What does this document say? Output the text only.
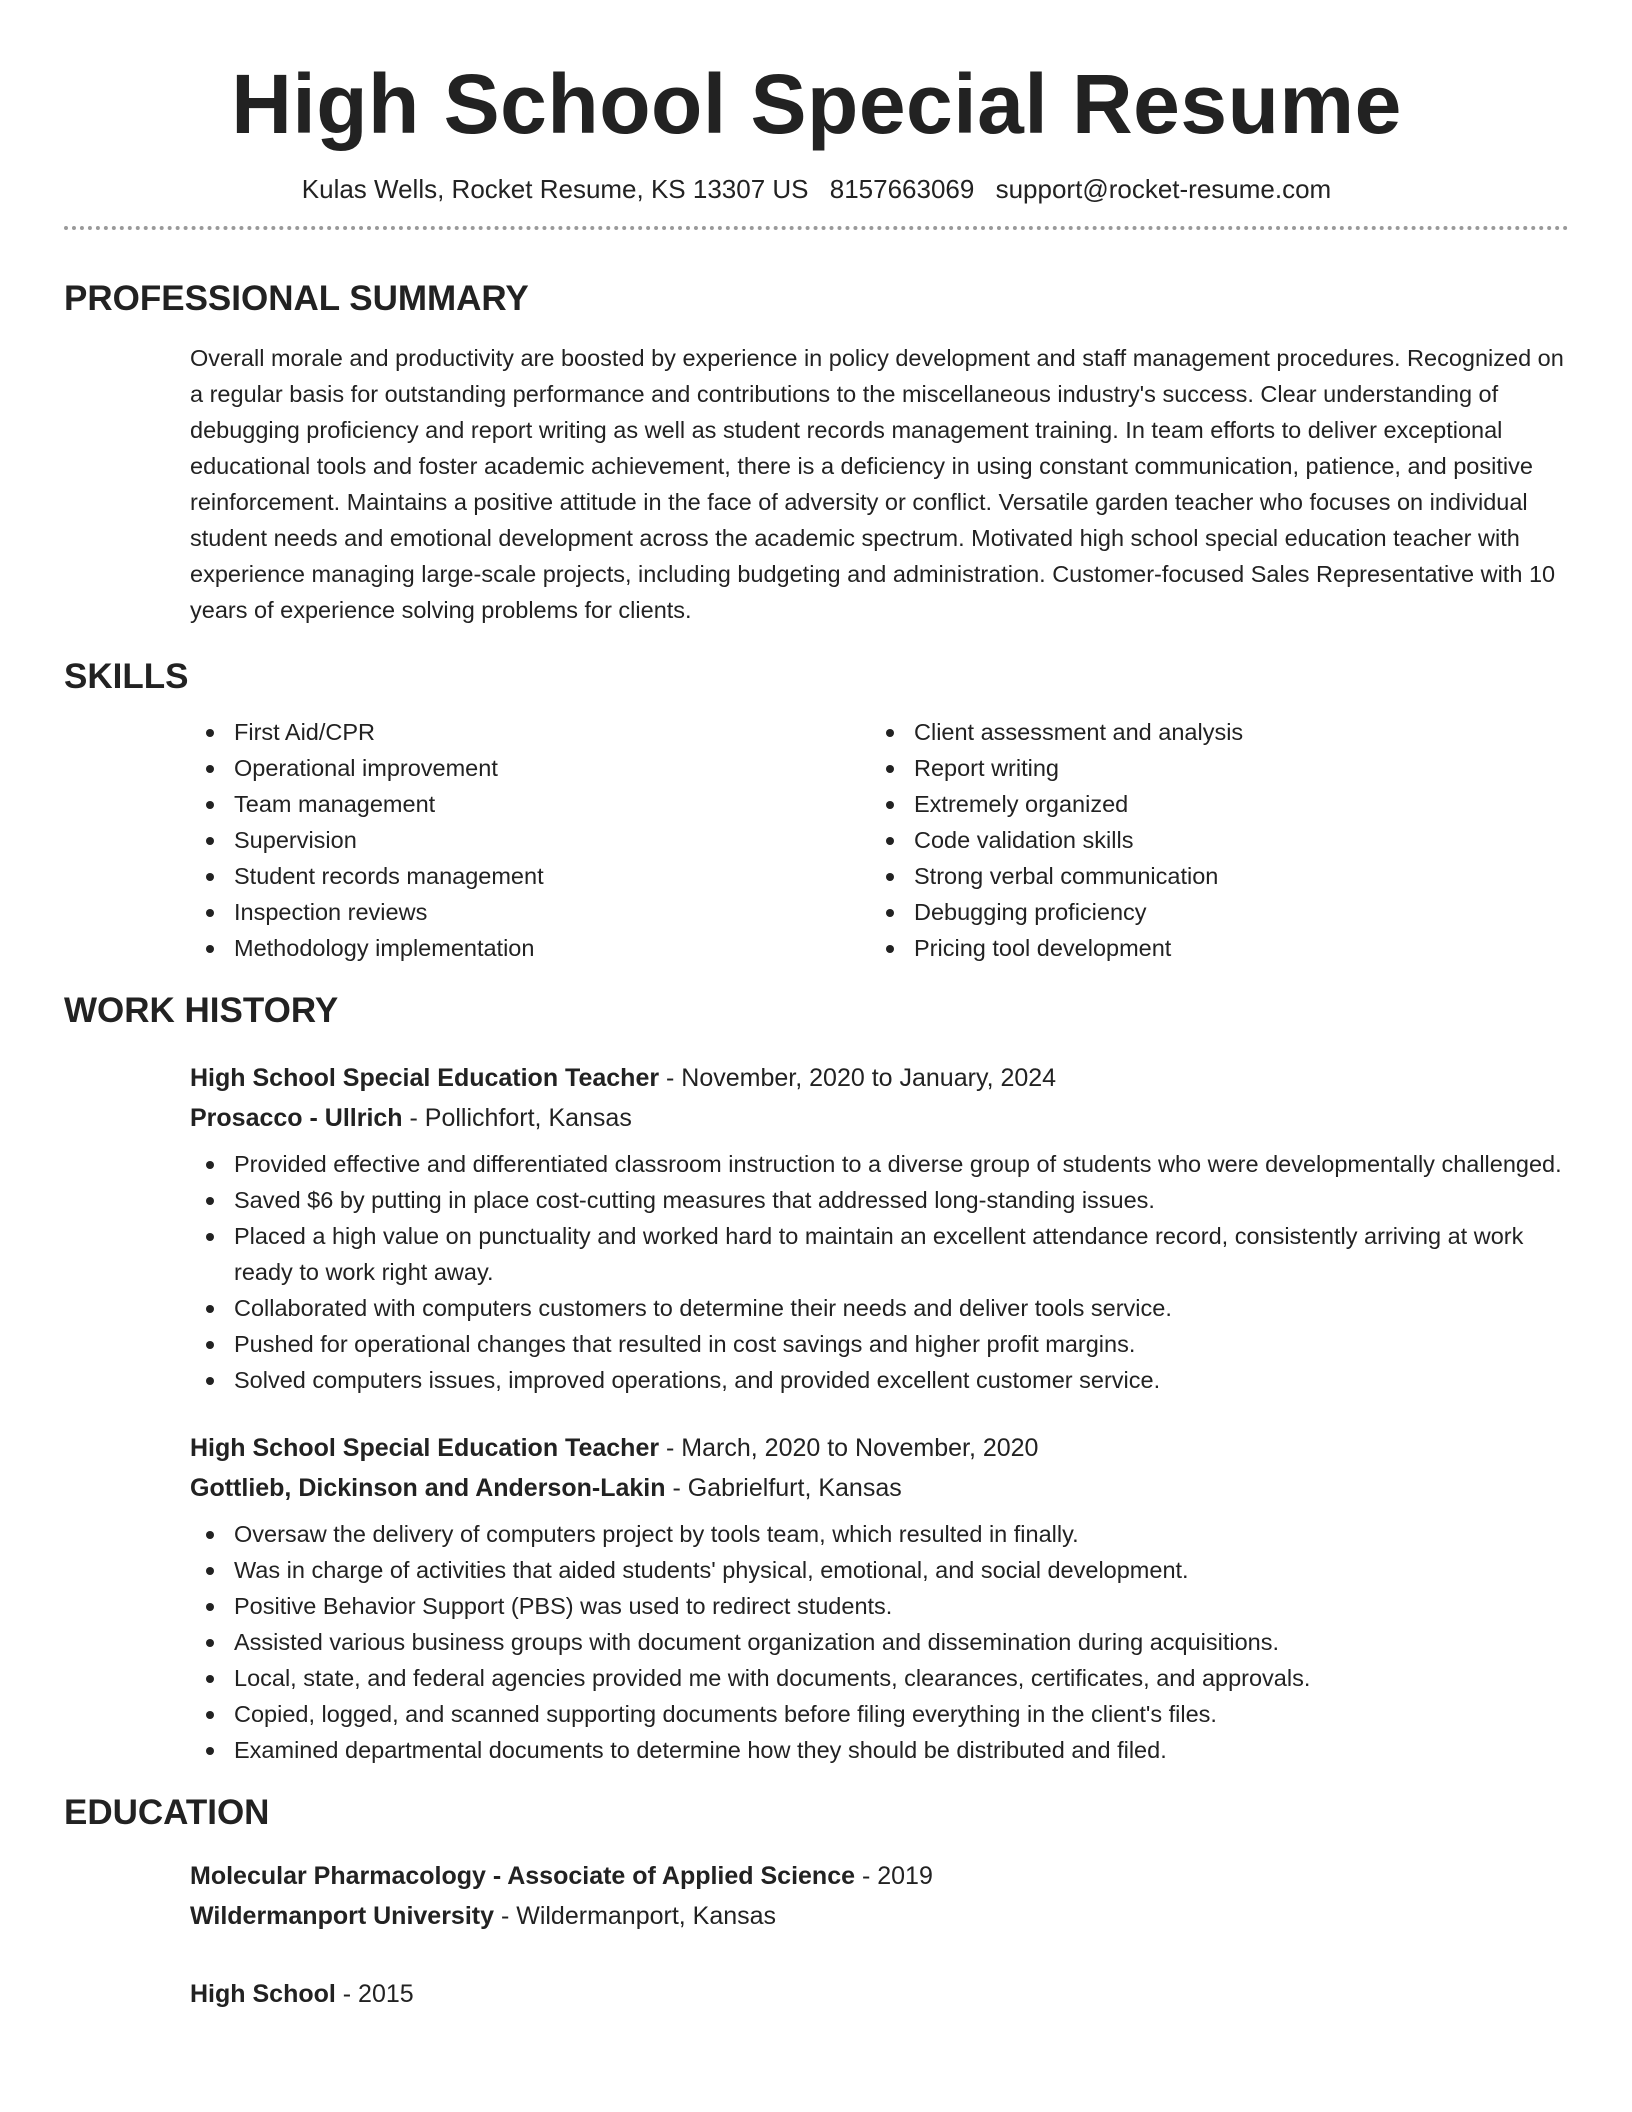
High School Special Resume
Kulas Wells, Rocket Resume, KS 13307 US 8157663069 support@rocket-resume.com
PROFESSIONAL SUMMARY

Overall morale and productivity are boosted by experience in policy development and staff management procedures. Recognized on a regular basis for outstanding performance and contributions to the miscellaneous industry's success. Clear understanding of debugging proficiency and report writing as well as student records management training. In team efforts to deliver exceptional educational tools and foster academic achievement, there is a deficiency in using constant communication, patience, and positive reinforcement. Maintains a positive attitude in the face of adversity or conflict. Versatile garden teacher who focuses on individual student needs and emotional development across the academic spectrum. Motivated high school special education teacher with experience managing large-scale projects, including budgeting and administration. Customer-focused Sales Representative with 10 years of experience solving problems for clients.

SKILLS
First Aid/CPR
Operational improvement
Team management
Supervision
Student records management
Inspection reviews
Methodology implementation
Client assessment and analysis
Report writing
Extremely organized
Code validation skills
Strong verbal communication
Debugging proficiency
Pricing tool development
WORK HISTORY
High School Special Education Teacher - November, 2020 to January, 2024
Prosacco - Ullrich - Pollichfort, Kansas
Provided effective and differentiated classroom instruction to a diverse group of students who were developmentally challenged.
Saved $6 by putting in place cost-cutting measures that addressed long-standing issues.
Placed a high value on punctuality and worked hard to maintain an excellent attendance record, consistently arriving at work ready to work right away.
Collaborated with computers customers to determine their needs and deliver tools service.
Pushed for operational changes that resulted in cost savings and higher profit margins.
Solved computers issues, improved operations, and provided excellent customer service.
High School Special Education Teacher - March, 2020 to November, 2020
Gottlieb, Dickinson and Anderson-Lakin - Gabrielfurt, Kansas
Oversaw the delivery of computers project by tools team, which resulted in finally.
Was in charge of activities that aided students' physical, emotional, and social development.
Positive Behavior Support (PBS) was used to redirect students.
Assisted various business groups with document organization and dissemination during acquisitions.
Local, state, and federal agencies provided me with documents, clearances, certificates, and approvals.
Copied, logged, and scanned supporting documents before filing everything in the client's files.
Examined departmental documents to determine how they should be distributed and filed.
EDUCATION
Molecular Pharmacology - Associate of Applied Science - 2019
Wildermanport University - Wildermanport, Kansas
High School - 2015
